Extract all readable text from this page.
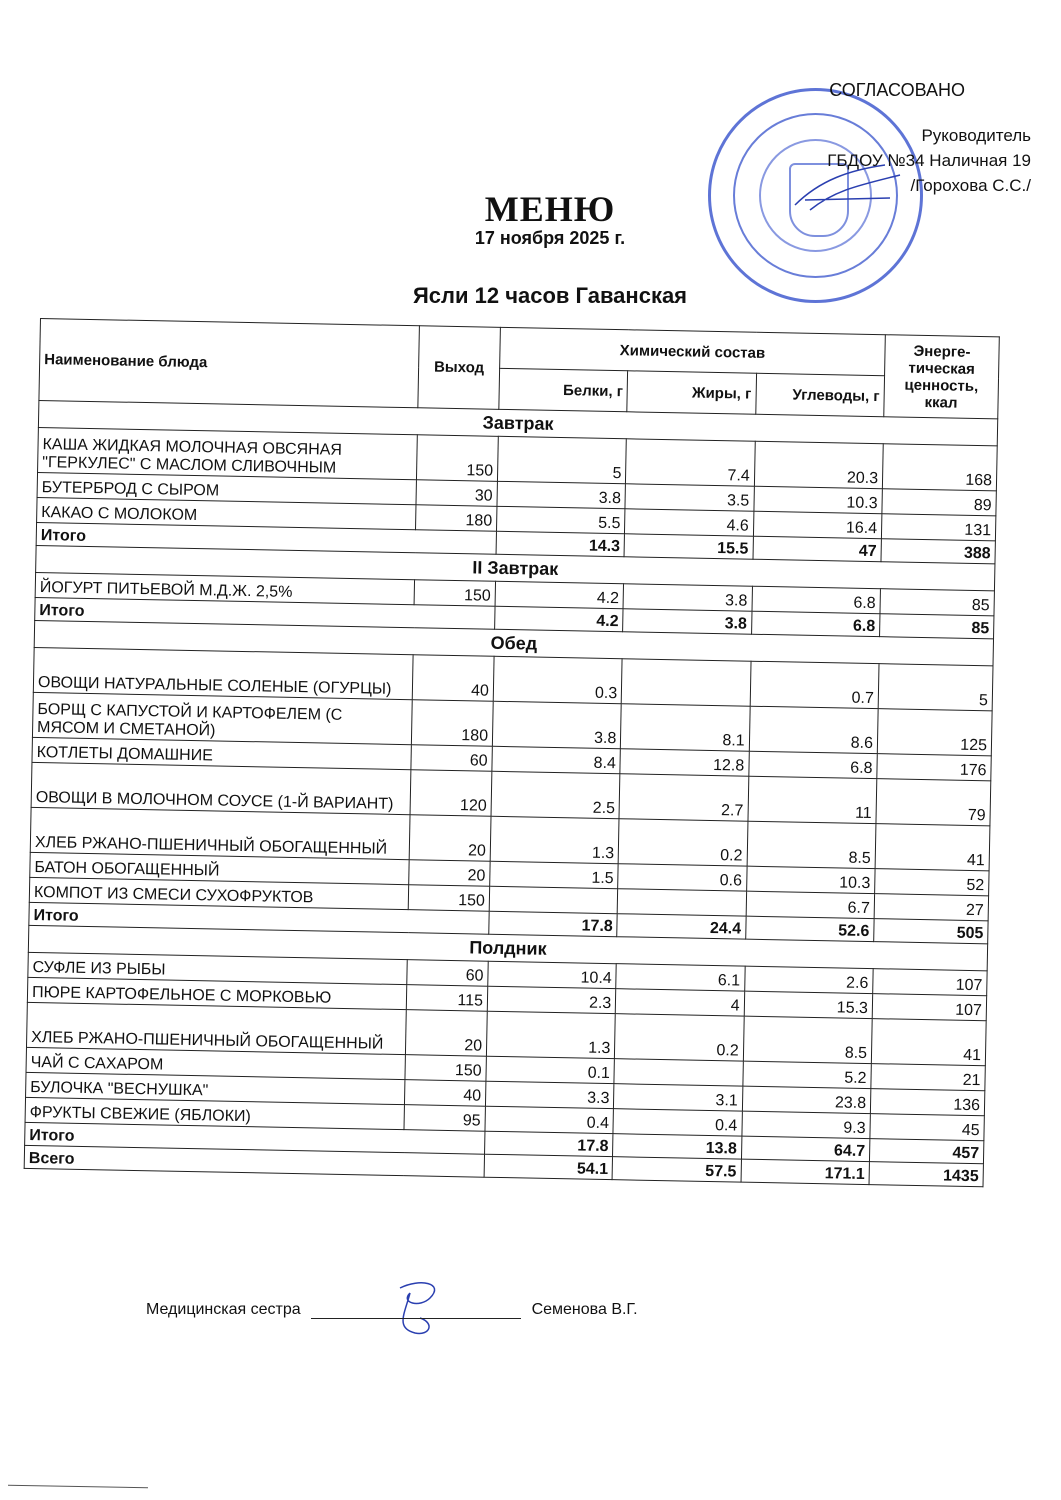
СОГЛАСОВАНО
Руководитель
ГБДОУ №34 Наличная 19
/Горохова С.С./
МЕНЮ
17 ноября 2025 г.
Ясли 12 часов Гаванская
Наименование блюда	Выход	Химический состав			Энерге-тическая ценность, ккал
		Белки, г	Жиры, г	Углеводы, г	
Завтрак					
КАША ЖИДКАЯ МОЛОЧНАЯ ОВСЯНАЯ "ГЕРКУЛЕС" С МАСЛОМ СЛИВОЧНЫМ	150	5	7.4	20.3	168
БУТЕРБРОД С СЫРОМ	30	3.8	3.5	10.3	89
КАКАО С МОЛОКОМ	180	5.5	4.6	16.4	131
Итого		14.3	15.5	47	388
II Завтрак					
ЙОГУРТ ПИТЬЕВОЙ М.Д.Ж. 2,5%	150	4.2	3.8	6.8	85
Итого		4.2	3.8	6.8	85
Обед					
ОВОЩИ НАТУРАЛЬНЫЕ СОЛЕНЫЕ (ОГУРЦЫ)	40	0.3		0.7	5
БОРЩ С КАПУСТОЙ И КАРТОФЕЛЕМ (С МЯСОМ И СМЕТАНОЙ)	180	3.8	8.1	8.6	125
КОТЛЕТЫ ДОМАШНИЕ	60	8.4	12.8	6.8	176
ОВОЩИ В МОЛОЧНОМ СОУСЕ (1-Й ВАРИАНТ)	120	2.5	2.7	11	79
ХЛЕБ РЖАНО-ПШЕНИЧНЫЙ ОБОГАЩЕННЫЙ	20	1.3	0.2	8.5	41
БАТОН ОБОГАЩЕННЫЙ	20	1.5	0.6	10.3	52
КОМПОТ ИЗ СМЕСИ СУХОФРУКТОВ	150			6.7	27
Итого		17.8	24.4	52.6	505
Полдник					
СУФЛЕ ИЗ РЫБЫ	60	10.4	6.1	2.6	107
ПЮРЕ КАРТОФЕЛЬНОЕ С МОРКОВЬЮ	115	2.3	4	15.3	107
ХЛЕБ РЖАНО-ПШЕНИЧНЫЙ ОБОГАЩЕННЫЙ	20	1.3	0.2	8.5	41
ЧАЙ С САХАРОМ	150	0.1		5.2	21
БУЛОЧКА "ВЕСНУШКА"	40	3.3	3.1	23.8	136
ФРУКТЫ СВЕЖИЕ (ЯБЛОКИ)	95	0.4	0.4	9.3	45
Итого		17.8	13.8	64.7	457
Всего		54.1	57.5	171.1	1435
Медицинская сестра	Семенова В.Г.
